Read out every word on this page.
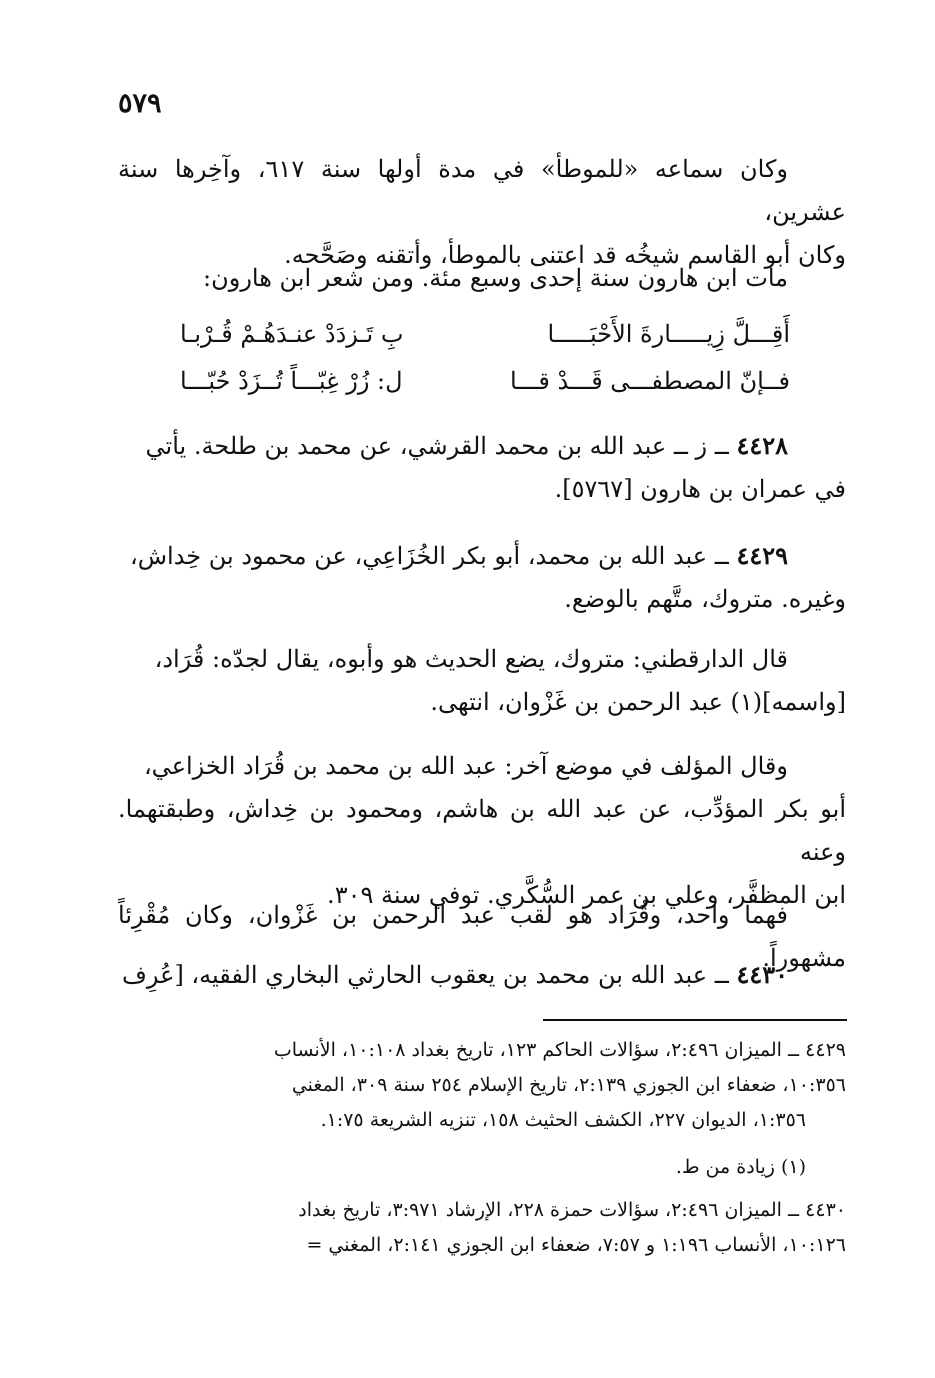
٥٧٩

وكان سماعه «للموطأ» في مدة أولها سنة ٦١٧، وآخِرها سنة عشرين،

وكان أبو القاسم شيخُه قد اعتنى بالموطأ، وأتقنه وصَحَّحه.

مات ابن هارون سنة إحدى وسبع مئة. ومن شعر ابن هارون:

أَقِـــلَّ زِيـــــارةَ الأَحْبَـــــا
بِ تَـزدَدْ عنـدَهُـمْ قُـرْبـا
فــإنّ المصطفـــى قَـــدْ قـــا
ل: زُرْ غِبّـــاً تُــزَدْ حُبّـــا

٤٤٢٨ ــ ز ــ عبد الله بن محمد القرشي، عن محمد بن طلحة. يأتي

في عمران بن هارون [٥٧٦٧].

٤٤٢٩ ــ عبد الله بن محمد، أبو بكر الخُزَاعِي، عن محمود بن خِداش،

وغيره. متروك، متَّهم بالوضع.

قال الدارقطني: متروك، يضع الحديث هو وأبوه، يقال لجدّه: قُرَاد،

[واسمه](١) عبد الرحمن بن غَزْوان، انتهى.

وقال المؤلف في موضع آخر: عبد الله بن محمد بن قُرَاد الخزاعي،

أبو بكر المؤدِّب، عن عبد الله بن هاشم، ومحمود بن خِداش، وطبقتهما. وعنه

ابن المظفَّر، وعلي بن عمر السُّكَّري. توفي سنة ٣٠٩.

فهما واحد، وقُرَاد هو لقب عبد الرحمن بن غَزْوان، وكان مُقْرِئاً مشهوراً.

٤٤٣٠ ــ عبد الله بن محمد بن يعقوب الحارثي البخاري الفقيه، [عُرِف

٤٤٢٩ ــ الميزان ٢:٤٩٦، سؤالات الحاكم ١٢٣، تاريخ بغداد ١٠:١٠٨، الأنساب

١٠:٣٥٦، ضعفاء ابن الجوزي ٢:١٣٩، تاريخ الإسلام ٢٥٤ سنة ٣٠٩، المغني

١:٣٥٦، الديوان ٢٢٧، الكشف الحثيث ١٥٨، تنزيه الشريعة ١:٧٥.

(١) زيادة من ط.

٤٤٣٠ ــ الميزان ٢:٤٩٦، سؤالات حمزة ٢٢٨، الإرشاد ٣:٩٧١، تاريخ بغداد

١٠:١٢٦، الأنساب ١:١٩٦ و ٧:٥٧، ضعفاء ابن الجوزي ٢:١٤١، المغني =
